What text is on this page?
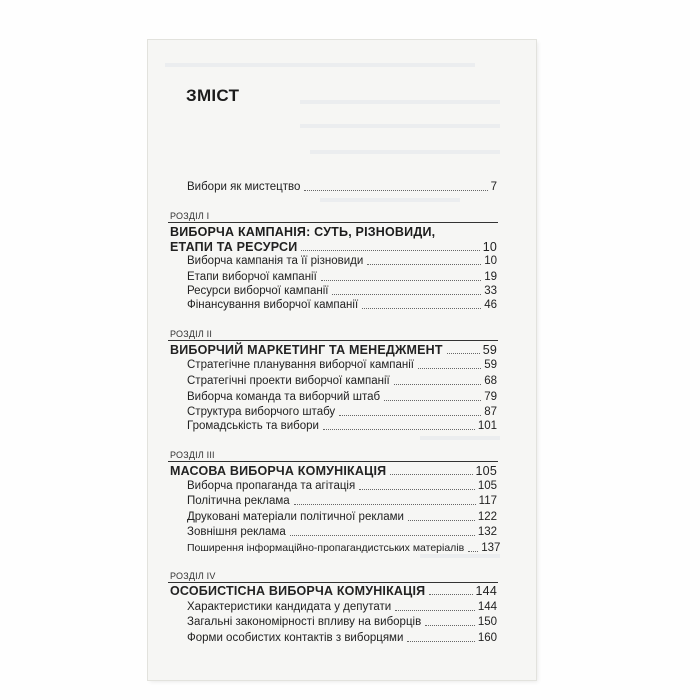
ЗМІСТ
Вибори як мистецтво	7
РОЗДІЛ І
ВИБОРЧА КАМПАНІЯ: СУТЬ, РІЗНОВИДИ,
ЕТАПИ ТА РЕСУРСИ	10
Виборча кампанія та її різновиди	10
Етапи виборчої кампанії	19
Ресурси виборчої кампанії	33
Фінансування виборчої кампанії	46
РОЗДІЛ ІІ
ВИБОРЧИЙ МАРКЕТИНГ ТА МЕНЕДЖМЕНТ	59
Стратегічне планування виборчої кампанії	59
Стратегічні проекти виборчої кампанії	68
Виборча команда та виборчий штаб	79
Структура виборчого штабу	87
Громадськість та вибори	101
РОЗДІЛ ІІІ
МАСОВА ВИБОРЧА КОМУНІКАЦІЯ	105
Виборча пропаганда та агітація	105
Політична реклама	117
Друковані матеріали політичної реклами	122
Зовнішня реклама	132
Поширення інформаційно-пропагандистських матеріалів 137
РОЗДІЛ IV
ОСОБИСТІСНА ВИБОРЧА КОМУНІКАЦІЯ	144
Характеристики кандидата у депутати	144
Загальні закономірності впливу на виборців	150
Форми особистих контактів з виборцями	160
